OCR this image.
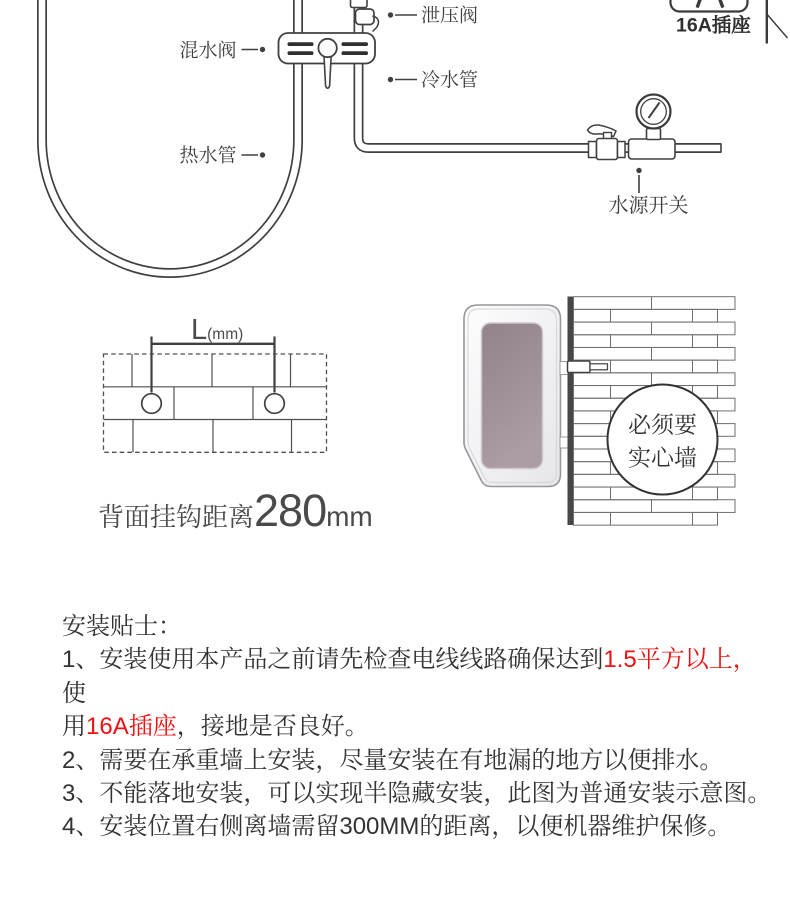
泄压阀
冷水管
混水阀
热水管
水源开关
16A插座
L(mm)
必须要
实心墙
背面挂钩距离280mm

安装贴士：

1、安装使用本产品之前请先检查电线线路确保达到1.5平方以上，使
用16A插座，接地是否良好。

2、需要在承重墙上安装，尽量安装在有地漏的地方以便排水。

3、不能落地安装，可以实现半隐藏安装，此图为普通安装示意图。

4、安装位置右侧离墙需留300MM的距离，以便机器维护保修。
